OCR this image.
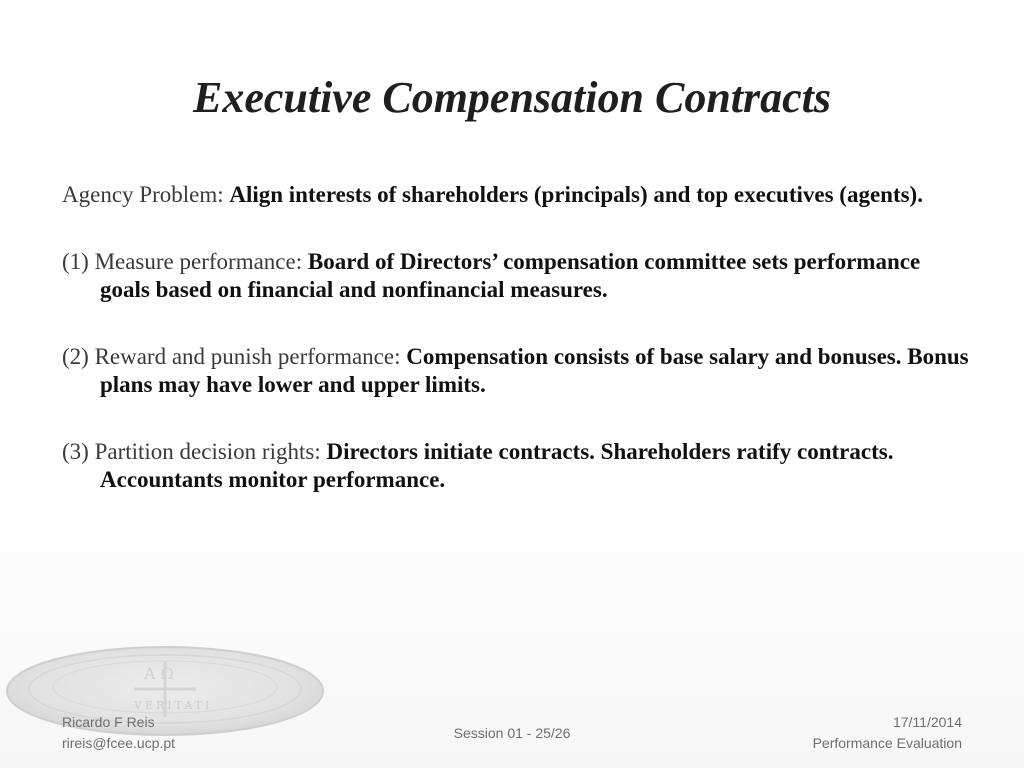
Executive Compensation Contracts

Agency Problem: Align interests of shareholders (principals) and top executives (agents).

(1) Measure performance: Board of Directors’ compensation committee sets performance goals based on financial and nonfinancial measures.

(2) Reward and punish performance: Compensation consists of base salary and bonuses. Bonus plans may have lower and upper limits.

(3) Partition decision rights: Directors initiate contracts. Shareholders ratify contracts. Accountants monitor performance.

Α Ω
VERITATI
Ricardo F Reis
rireis@fcee.ucp.pt
Session 01 - 25/26
17/11/2014
Performance Evaluation
